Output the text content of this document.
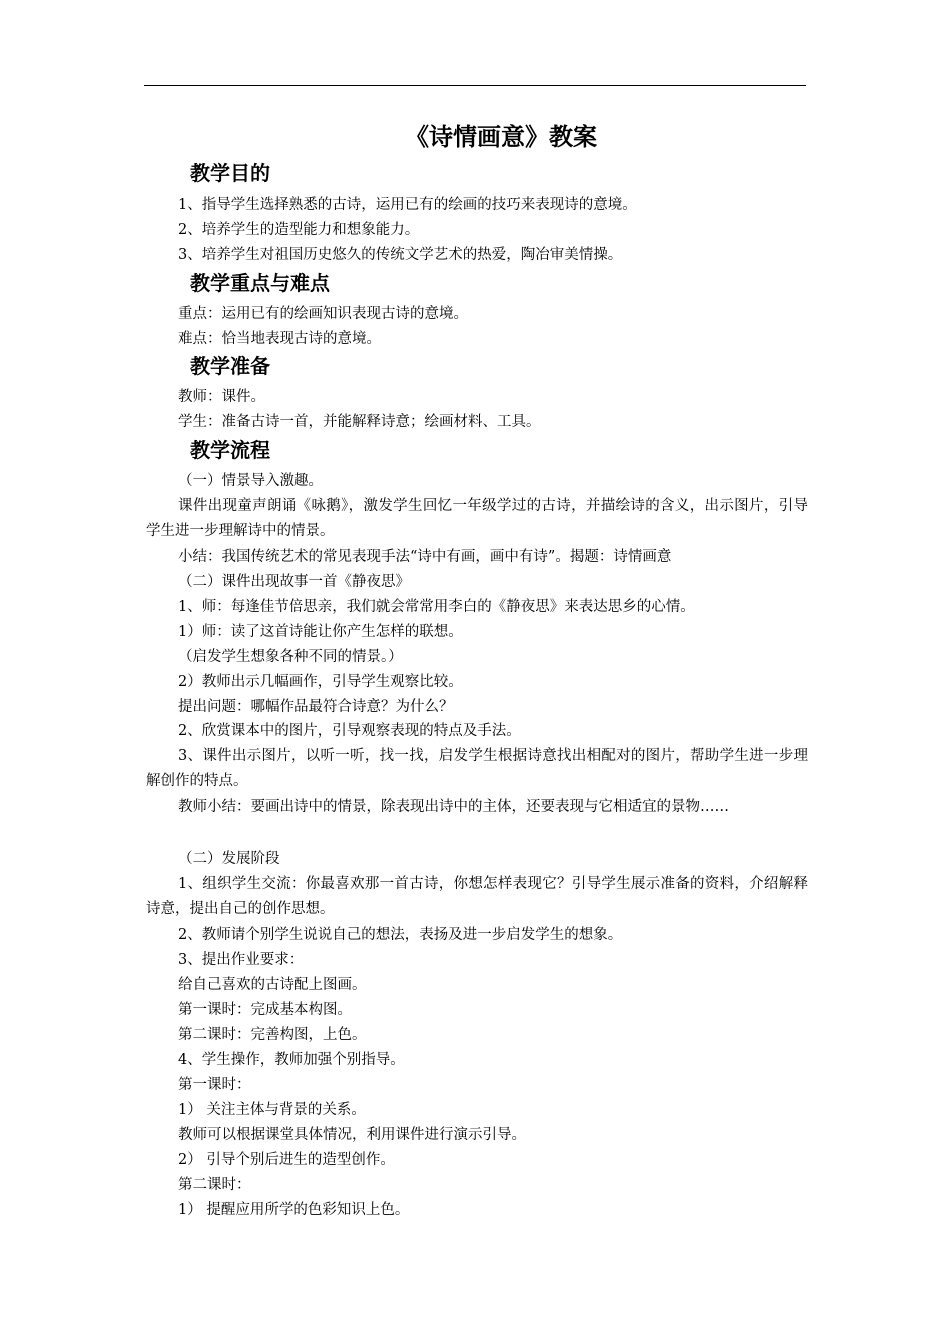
《诗情画意》教案
教学目的
1、指导学生选择熟悉的古诗，运用已有的绘画的技巧来表现诗的意境。
2、培养学生的造型能力和想象能力。
3、培养学生对祖国历史悠久的传统文学艺术的热爱，陶冶审美情操。
教学重点与难点
重点：运用已有的绘画知识表现古诗的意境。
难点：恰当地表现古诗的意境。
教学准备
教师：课件。
学生：准备古诗一首，并能解释诗意；绘画材料、工具。
教学流程
（一）情景导入激趣。
课件出现童声朗诵《咏鹅》，激发学生回忆一年级学过的古诗，并描绘诗的含义，出示图片，引导学生进一步理解诗中的情景。
小结：我国传统艺术的常见表现手法“诗中有画，画中有诗”。揭题：诗情画意
（二）课件出现故事一首《静夜思》
1、师：每逢佳节倍思亲，我们就会常常用李白的《静夜思》来表达思乡的心情。
1）师：读了这首诗能让你产生怎样的联想。
（启发学生想象各种不同的情景。）
2）教师出示几幅画作，引导学生观察比较。
提出问题：哪幅作品最符合诗意？为什么？
2、欣赏课本中的图片，引导观察表现的特点及手法。
3、课件出示图片，以听一听，找一找，启发学生根据诗意找出相配对的图片，帮助学生进一步理解创作的特点。
教师小结：要画出诗中的情景，除表现出诗中的主体，还要表现与它相适宜的景物……
（二）发展阶段
1、组织学生交流：你最喜欢那一首古诗，你想怎样表现它？引导学生展示准备的资料，介绍解释诗意，提出自己的创作思想。
2、教师请个别学生说说自己的想法，表扬及进一步启发学生的想象。
3、提出作业要求：
给自己喜欢的古诗配上图画。
第一课时：完成基本构图。
第二课时：完善构图，上色。
4、学生操作，教师加强个别指导。
第一课时：
1） 关注主体与背景的关系。
教师可以根据课堂具体情况，利用课件进行演示引导。
2） 引导个别后进生的造型创作。
第二课时：
1） 提醒应用所学的色彩知识上色。
